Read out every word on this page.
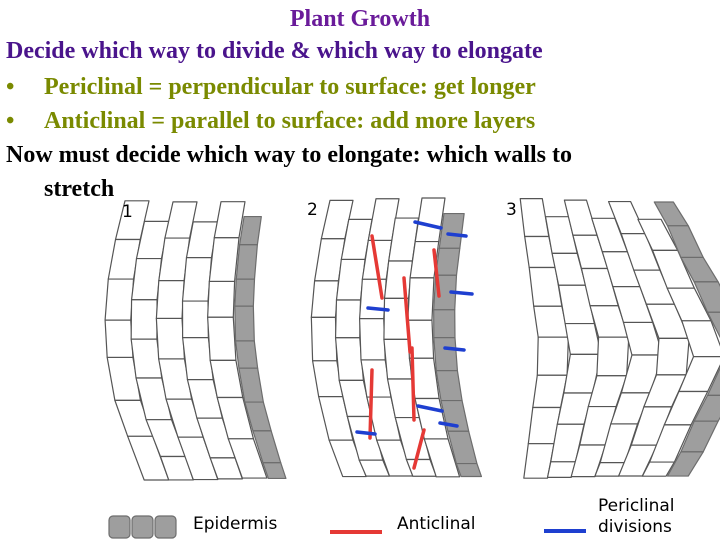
Plant Growth
Decide which way to divide & which way to elongate
• Periclinal = perpendicular to surface: get longer
• Anticlinal = parallel to surface: add more layers
Now must decide which way to elongate: which walls to
stretch
1	2	3
Epidermis	Anticlinal
Periclinal
divisions
